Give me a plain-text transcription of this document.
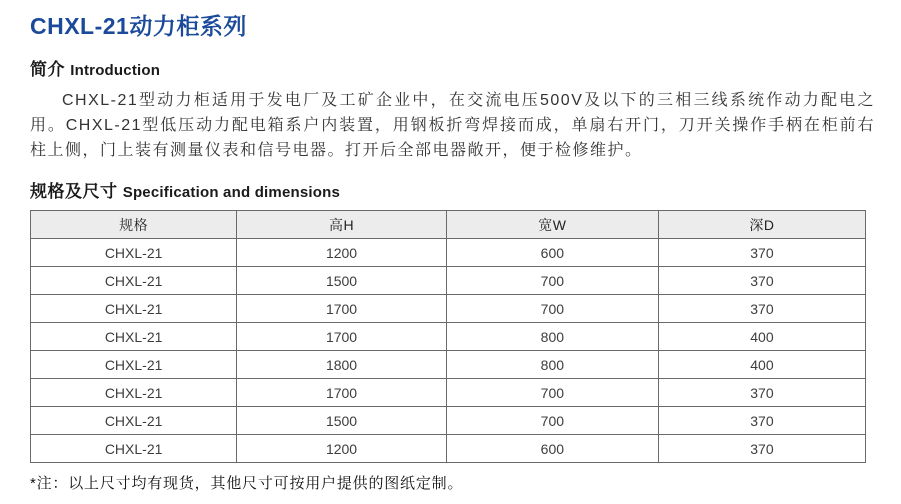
CHXL-21动力柜系列
简介 Introduction

CHXL-21型动力柜适用于发电厂及工矿企业中，在交流电压500V及以下的三相三线系统作动力配电之用。CHXL-21型低压动力配电箱系户内装置，用钢板折弯焊接而成，单扇右开门，刀开关操作手柄在柜前右柱上侧，门上装有测量仪表和信号电器。打开后全部电器敞开，便于检修维护。

规格及尺寸 Specification and dimensions
规格	高H	宽W	深D
CHXL-21	1200	600	370
CHXL-21	1500	700	370
CHXL-21	1700	700	370
CHXL-21	1700	800	400
CHXL-21	1800	800	400
CHXL-21	1700	700	370
CHXL-21	1500	700	370
CHXL-21	1200	600	370

*注：以上尺寸均有现货，其他尺寸可按用户提供的图纸定制。
